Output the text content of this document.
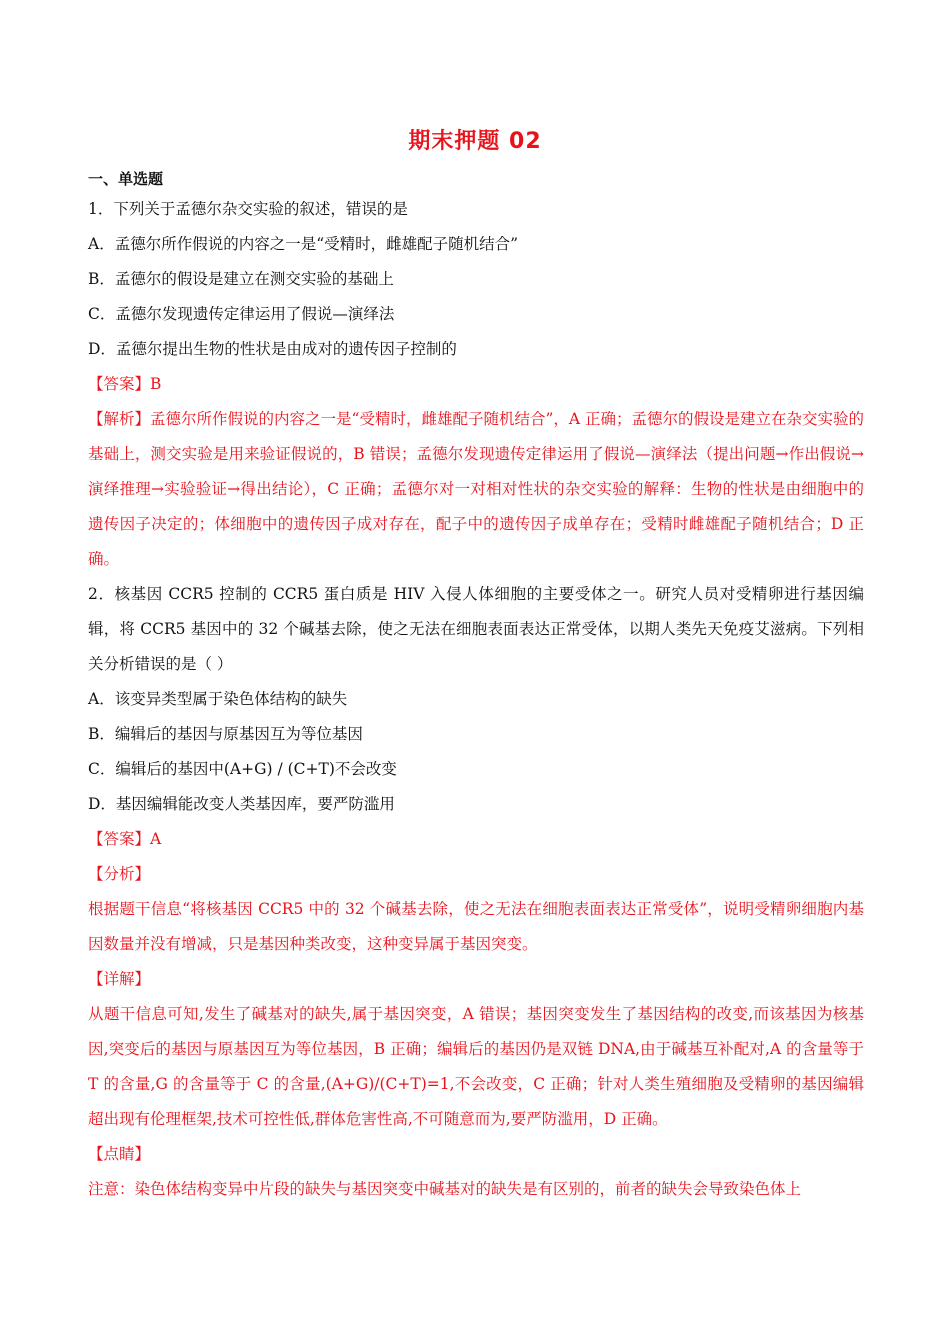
期末押题 02
一、单选题
1．下列关于孟德尔杂交实验的叙述，错误的是
A．孟德尔所作假说的内容之一是“受精时，雌雄配子随机结合”
B．孟德尔的假设是建立在测交实验的基础上
C．孟德尔发现遗传定律运用了假说—演绎法
D．孟德尔提出生物的性状是由成对的遗传因子控制的
【答案】B
【解析】孟德尔所作假说的内容之一是“受精时，雌雄配子随机结合”，A 正确；孟德尔的假设是建立在杂交实验的基础上，测交实验是用来验证假说的，B 错误；孟德尔发现遗传定律运用了假说—演绎法（提出问题→作出假说→演绎推理→实验验证→得出结论），C 正确；孟德尔对一对相对性状的杂交实验的解释：生物的性状是由细胞中的遗传因子决定的；体细胞中的遗传因子成对存在，配子中的遗传因子成单存在；受精时雌雄配子随机结合；D 正确。
2．核基因 CCR5 控制的 CCR5 蛋白质是 HIV 入侵人体细胞的主要受体之一。研究人员对受精卵进行基因编辑，将 CCR5 基因中的 32 个碱基去除，使之无法在细胞表面表达正常受体，以期人类先天免疫艾滋病。下列相关分析错误的是（ ）
A．该变异类型属于染色体结构的缺失
B．编辑后的基因与原基因互为等位基因
C．编辑后的基因中(A+G) / (C+T)不会改变
D．基因编辑能改变人类基因库，要严防滥用
【答案】A
【分析】
根据题干信息“将核基因 CCR5 中的 32 个碱基去除，使之无法在细胞表面表达正常受体”，说明受精卵细胞内基因数量并没有增减，只是基因种类改变，这种变异属于基因突变。
【详解】
从题干信息可知,发生了碱基对的缺失,属于基因突变，A 错误；基因突变发生了基因结构的改变,而该基因为核基因,突变后的基因与原基因互为等位基因，B 正确；编辑后的基因仍是双链 DNA,由于碱基互补配对,A 的含量等于 T 的含量,G 的含量等于 C 的含量,(A+G)/(C+T)=1,不会改变，C 正确；针对人类生殖细胞及受精卵的基因编辑超出现有伦理框架,技术可控性低,群体危害性高,不可随意而为,要严防滥用，D 正确。
【点睛】
注意：染色体结构变异中片段的缺失与基因突变中碱基对的缺失是有区别的，前者的缺失会导致染色体上
